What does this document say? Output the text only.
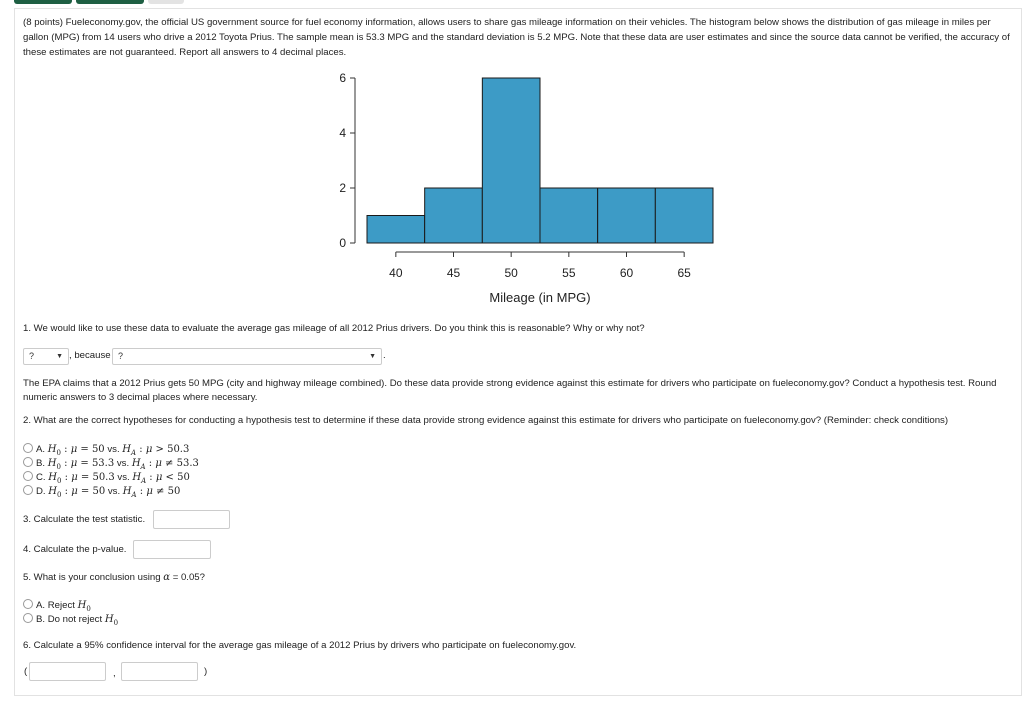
(8 points) Fueleconomy.gov, the official US government source for fuel economy information, allows users to share gas mileage information on their vehicles. The histogram below shows the distribution of gas mileage in miles per gallon (MPG) from 14 users who drive a 2012 Toyota Prius. The sample mean is 53.3 MPG and the standard deviation is 5.2 MPG. Note that these data are user estimates and since the source data cannot be verified, the accuracy of these estimates are not guaranteed. Report all answers to 4 decimal places.
0
2
4
6
40	45	50	55	60	65
Mileage (in MPG)
1. We would like to use these data to evaluate the average gas mileage of all 2012 Prius drivers. Do you think this is reasonable? Why or why not?
?	▼ , because ?	▼ .
The EPA claims that a 2012 Prius gets 50 MPG (city and highway mileage combined). Do these data provide strong evidence against this estimate for drivers who participate on fueleconomy.gov? Conduct a hypothesis test. Round numeric answers to 3 decimal places where necessary.
2. What are the correct hypotheses for conducting a hypothesis test to determine if these data provide strong evidence against this estimate for drivers who participate on fueleconomy.gov? (Reminder: check conditions)
A. $H_0$ : μ = 50 vs. $H_A$ : μ > 50.3
B. $H_0$ : μ = 53.3 vs. $H_A$ : μ ≠ 53.3
C. $H_0$ : μ = 50.3 vs. $H_A$ : μ < 50
D. $H_0$ : μ = 50 vs. $H_A$ : μ ≠ 50
3. Calculate the test statistic.
4. Calculate the p-value.
5. What is your conclusion using α = 0.05?
A. Reject $H_0$
B. Do not reject $H_0$
6. Calculate a 95% confidence interval for the average gas mileage of a 2012 Prius by drivers who participate on fueleconomy.gov.
(	,	)
